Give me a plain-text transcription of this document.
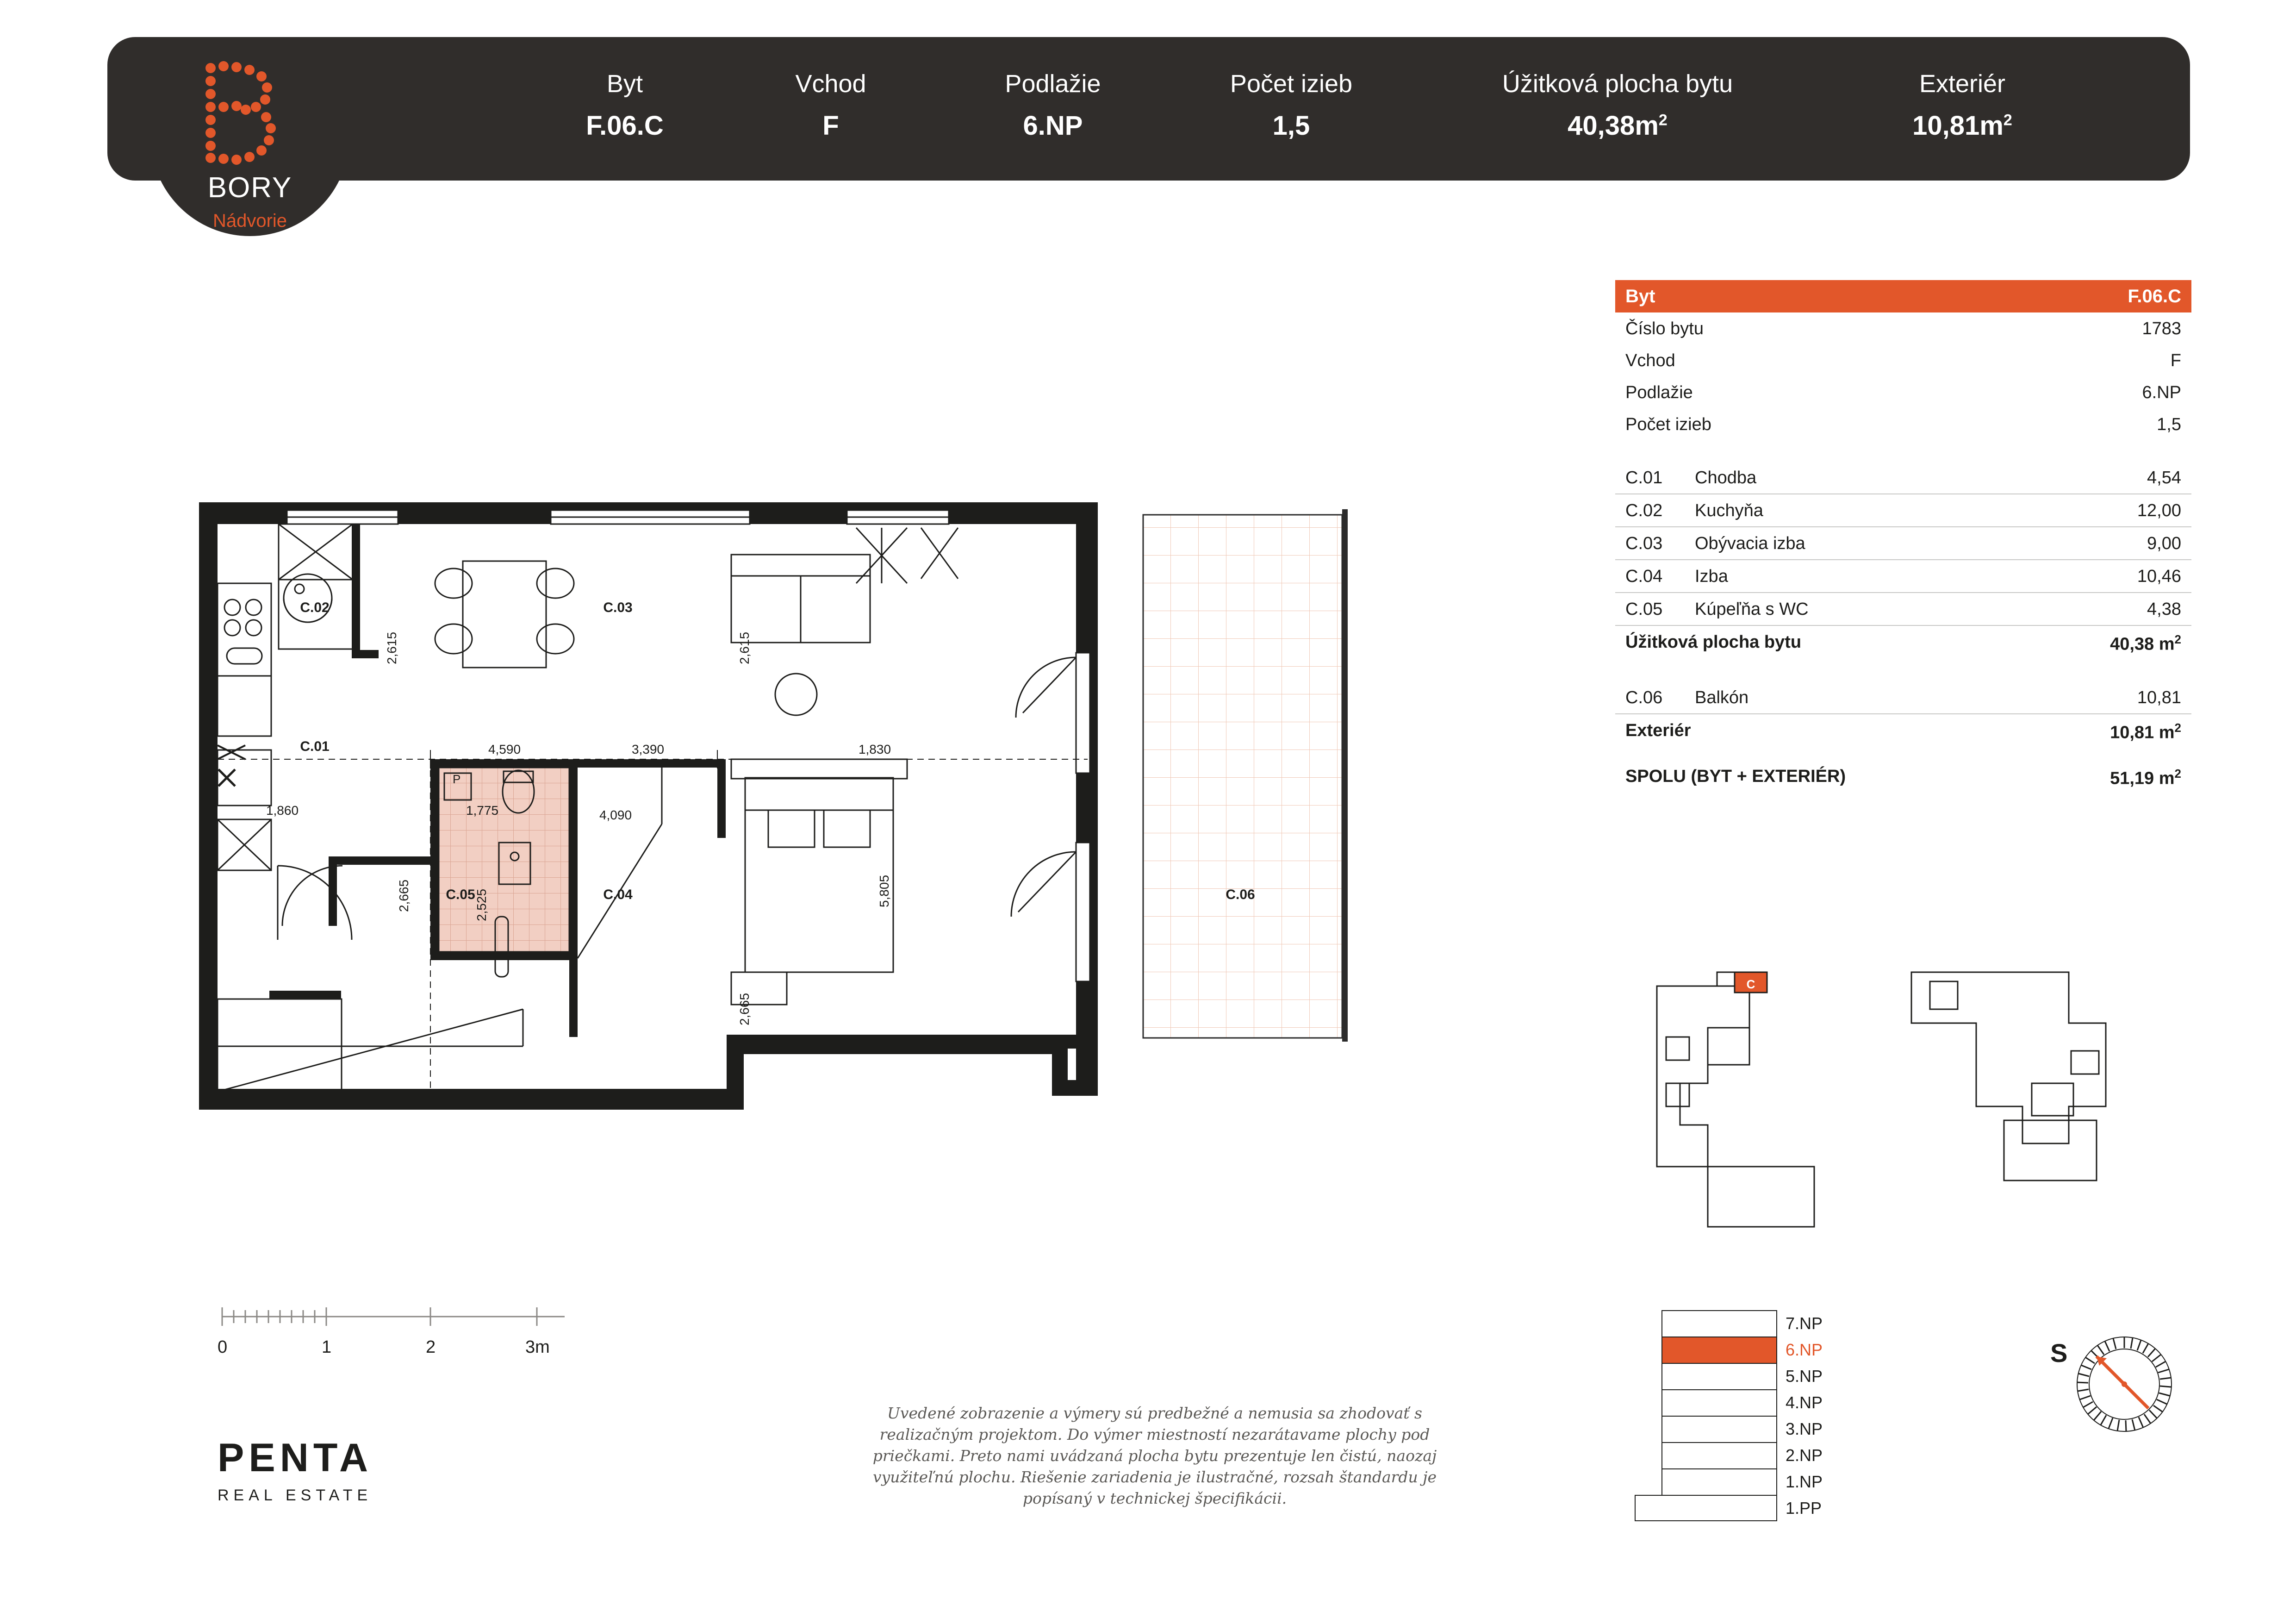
BORY
Nádvorie
Byt
F.06.C
Vchod
F
Podlažie
6.NP
Počet izieb
1,5
Úžitková plocha bytu
$40,38m^2$
Exteriér
$10,81m^2$
Byt	F.06.C
Číslo bytu	1783
Vchod	F
Podlažie	6.NP
Počet izieb	1,5
C.01	Chodba	4,54
C.02	Kuchyňa	12,00
C.03	Obývacia izba	9,00
C.04	Izba	10,46
C.05	Kúpeľňa s WC	4,38
Úžitková plocha bytu	40,38 $m^2$
C.06	Balkón	10,81
Exteriér	10,81 $m^2$
SPOLU (BYT + EXTERIÉR)	51,19 $m^2$
C.02	C.03
C.01
C.04
C.05	C.06
2,615	2,615
4,590	3,390	1,830
1,860	1,775	4,090
5,805
2,665	2,525
2,665
P
0	1	2	3m
PENTA
REAL ESTATE
Uvedené zobrazenie a výmery sú predbežné a nemusia sa zhodovať s realizačným projektom. Do výmer miestností nezarátavame plochy pod priečkami. Preto nami uvádzaná plocha bytu prezentuje len čistú, naozaj využiteľnú plochu. Riešenie zariadenia je ilustračné, rozsah štandardu je popísaný v technickej špecifikácii.
C
7.NP
6.NP
5.NP
4.NP
3.NP
2.NP
1.NP
1.PP
S
